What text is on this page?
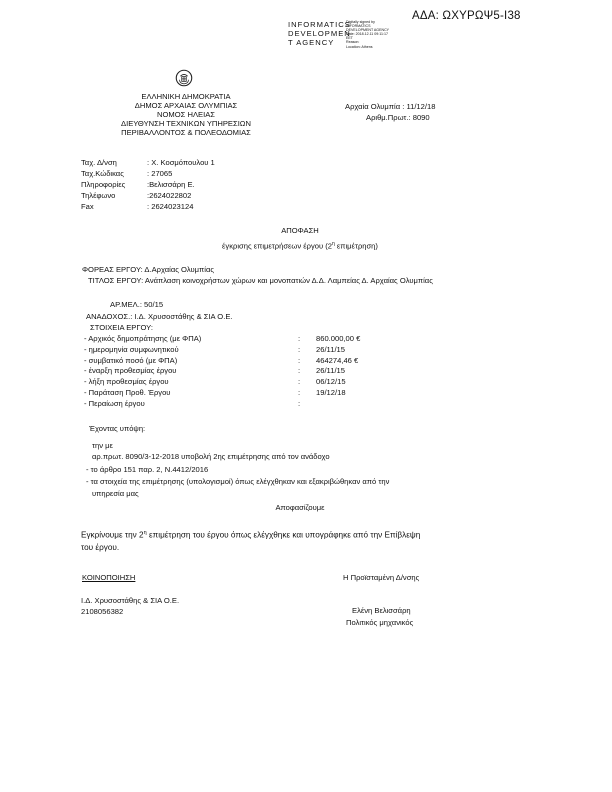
ΑΔΑ: ΩΧΥΡΩΨ5-Ι38
INFORMATICS
DEVELOPMEN
T AGENCY
Digitally signed by
INFORMATICS
DEVELOPMENT AGENCY
Date: 2018.12.11 09:11:17
EET
Reason:
Location: Athens
ΕΛΛΗΝΙΚΗ ΔΗΜΟΚΡΑΤΙΑ
ΔΗΜΟΣ ΑΡΧΑΙΑΣ ΟΛΥΜΠΙΑΣ
ΝΟΜΟΣ ΗΛΕΙΑΣ
ΔΙΕΥΘΥΝΣΗ ΤΕΧΝΙΚΩΝ ΥΠΗΡΕΣΙΩΝ
ΠΕΡΙΒΑΛΛΟΝΤΟΣ & ΠΟΛΕΟΔΟΜΙΑΣ
Αρχαία Ολυμπία : 11/12/18
Αριθμ.Πρωτ.: 8090
Ταχ. Δ/νση	: Χ. Κοσμόπουλου 1
Ταχ.Κώδικας	: 27065
Πληροφορίες	:Βελισσάρη Ε.
Τηλέφωνο	:2624022802
Fax	: 2624023124
ΑΠΟΦΑΣΗ
έγκρισης επιμετρήσεων έργου ($2^\eta$ επιμέτρηση)
ΦΟΡΕΑΣ ΕΡΓΟΥ: Δ.Αρχαίας Ολυμπίας
ΤΙΤΛΟΣ ΕΡΓΟΥ: Ανάπλαση κοινοχρήστων χώρων και μονοπατιών Δ.Δ. Λαμπείας Δ. Αρχαίας Ολυμπίας
ΑΡ.ΜΕΛ.: 50/15
ΑΝΑΔΟΧΟΣ.: Ι.Δ. Χρυσοστάθης & ΣΙΑ Ο.Ε.
ΣΤΟΙΧΕΙΑ ΕΡΓΟΥ:
- Αρχικός δημοπράτησης (με ΦΠΑ)	: 860.000,00 €
- ημερομηνία συμφωνητικού	: 26/11/15
- συμβατικό ποσό (με ΦΠΑ)	: 464274,46 €
- έναρξη προθεσμίας έργου	: 26/11/15
- λήξη προθεσμίας έργου	: 06/12/15
- Παράταση Προθ. Έργου	: 19/12/18
- Περαίωση έργου	:
Έχοντας υπόψη:
την με
αρ.πρωτ. 8090/3-12-2018 υποβολή 2ης επιμέτρησης από τον ανάδοχο
- το άρθρο 151 παρ. 2, Ν.4412/2016
- τα στοιχεία της επιμέτρησης (υπολογισμοί) όπως ελέγχθηκαν και εξακριβώθηκαν από την
υπηρεσία μας
Αποφασίζουμε
Εγκρίνουμε την $2^\eta$ επιμέτρηση του έργου όπως ελέγχθηκε και υπογράφηκε από την Επίβλεψη
του έργου.
ΚΟΙΝΟΠΟΙΗΣΗ
Ι.Δ. Χρυσοστάθης & ΣΙΑ Ο.Ε.
2108056382
Η Προϊσταμένη Δ/νσης
Ελένη Βελισσάρη
Πολιτικός μηχανικός
